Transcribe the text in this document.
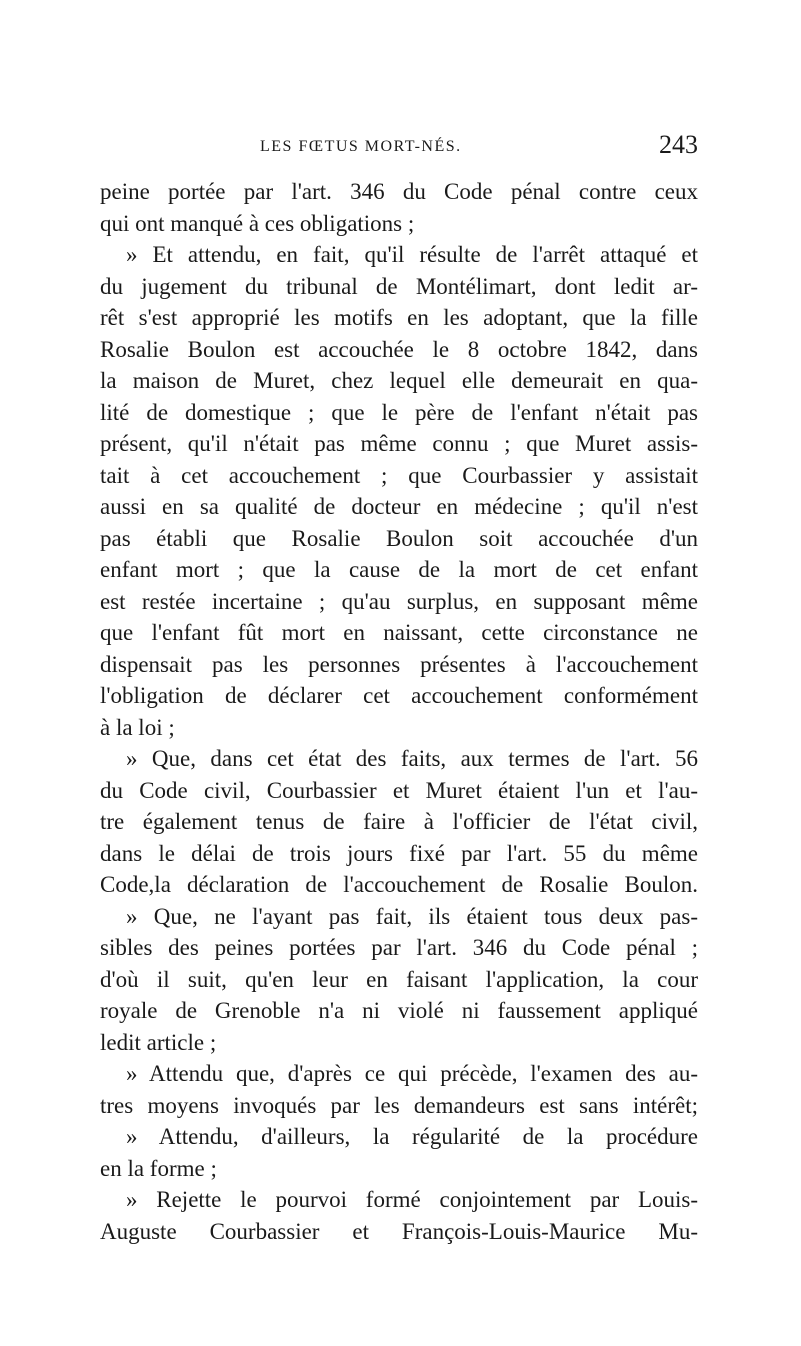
LES FŒTUS MORT-NÉS.	243
peine portée par l'art. 346 du Code pénal contre ceux
qui ont manqué à ces obligations ;
» Et attendu, en fait, qu'il résulte de l'arrêt attaqué et
du jugement du tribunal de Montélimart, dont ledit ar-
rêt s'est approprié les motifs en les adoptant, que la fille
Rosalie Boulon est accouchée le 8 octobre 1842, dans
la maison de Muret, chez lequel elle demeurait en qua-
lité de domestique ; que le père de l'enfant n'était pas
présent, qu'il n'était pas même connu ; que Muret assis-
tait à cet accouchement ; que Courbassier y assistait
aussi en sa qualité de docteur en médecine ; qu'il n'est
pas établi que Rosalie Boulon soit accouchée d'un
enfant mort ; que la cause de la mort de cet enfant
est restée incertaine ; qu'au surplus, en supposant même
que l'enfant fût mort en naissant, cette circonstance ne
dispensait pas les personnes présentes à l'accouchement
l'obligation de déclarer cet accouchement conformément
à la loi ;
» Que, dans cet état des faits, aux termes de l'art. 56
du Code civil, Courbassier et Muret étaient l'un et l'au-
tre également tenus de faire à l'officier de l'état civil,
dans le délai de trois jours fixé par l'art. 55 du même
Code,la déclaration de l'accouchement de Rosalie Boulon.
» Que, ne l'ayant pas fait, ils étaient tous deux pas-
sibles des peines portées par l'art. 346 du Code pénal ;
d'où il suit, qu'en leur en faisant l'application, la cour
royale de Grenoble n'a ni violé ni faussement appliqué
ledit article ;
» Attendu que, d'après ce qui précède, l'examen des au-
tres moyens invoqués par les demandeurs est sans intérêt;
» Attendu, d'ailleurs, la régularité de la procédure
en la forme ;
» Rejette le pourvoi formé conjointement par Louis-
Auguste Courbassier et François-Louis-Maurice Mu-
